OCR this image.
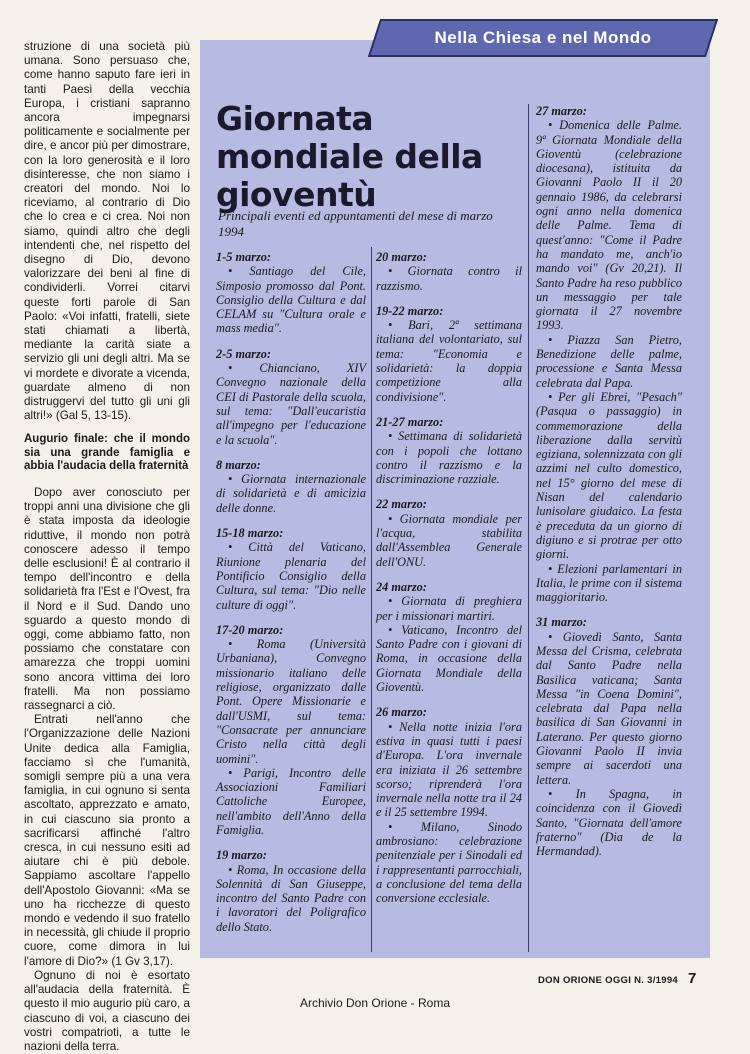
struzione di una società più umana. Sono persuaso che, come hanno saputo fare ieri in tanti Paesi della vecchia Europa, i cristiani sapranno ancora impegnarsi politicamente e socialmente per dire, e ancor più per dimostrare, con la loro generosità e il loro disinteresse, che non siamo i creatori del mondo. Noi lo riceviamo, al contrario di Dio che lo crea e ci crea. Noi non siamo, quindi altro che degli intendenti che, nel rispetto del disegno di Dio, devono valorizzare dei beni al fine di condividerli. Vorrei citarvi queste forti parole di San Paolo: «Voi infatti, fratelli, siete stati chiamati a libertà, mediante la carità siate a servizio gli uni degli altri. Ma se vi mordete e divorate a vicenda, guardate almeno di non distruggervi del tutto gli uni gli altri!» (Gal 5, 13-15).

Augurio finale: che il mondo sia una grande famiglia e abbia l'audacia della fraternità

Dopo aver conosciuto per troppi anni una divisione che gli è stata imposta da ideologie riduttive, il mondo non potrà conoscere adesso il tempo delle esclusioni! È al contrario il tempo dell'incontro e della solidarietà fra l'Est e l'Ovest, fra il Nord e il Sud. Dando uno sguardo a questo mondo di oggi, come abbiamo fatto, non possiamo che constatare con amarezza che troppi uomini sono ancora vittima dei loro fratelli. Ma non possiamo rassegnarci a ciò.

Entrati nell'anno che l'Organizzazione delle Nazioni Unite dedica alla Famiglia, facciamo sì che l'umanità, somigli sempre più a una vera famiglia, in cui ognuno si senta ascoltato, apprezzato e amato, in cui ciascuno sia pronto a sacrificarsi affinché l'altro cresca, in cui nessuno esiti ad aiutare chi è più debole. Sappiamo ascoltare l'appello dell'Apostolo Giovanni: «Ma se uno ha ricchezze di questo mondo e vedendo il suo fratello in necessità, gli chiude il proprio cuore, come dimora in lui l'amore di Dio?» (1 Gv 3,17).

Ognuno di noi è esortato all'audacia della fraternità. È questo il mio augurio più caro, a ciascuno di voi, a ciascuno dei vostri compatrioti, a tutte le nazioni della terra.

Nella Chiesa e nel Mondo
Giornata mondiale della gioventù
Principali eventi ed appuntamenti del mese di marzo 1994
1-5 marzo:
• Santiago del Cile, Simposio promosso dal Pont. Consiglio della Cultura e dal CELAM su "Cultura orale e mass media".
2-5 marzo:
• Chianciano, XIV Convegno nazionale della CEI di Pastorale della scuola, sul tema: "Dall'eucaristia all'impegno per l'educazione e la scuola".
8 marzo:
• Giornata internazionale di solidarietà e di amicizia delle donne.
15-18 marzo:
• Città del Vaticano, Riunione plenaria del Pontificio Consiglio della Cultura, sul tema: "Dio nelle culture di oggi".
17-20 marzo:
• Roma (Università Urbaniana), Convegno missionario italiano delle religiose, organizzato dalle Pont. Opere Missionarie e dall'USMI, sul tema: "Consacrate per annunciare Cristo nella città degli uomini".
• Parigi, Incontro delle Associazioni Familiari Cattoliche Europee, nell'ambito dell'Anno della Famiglia.
19 marzo:
• Roma, In occasione della Solennità di San Giuseppe, incontro del Santo Padre con i lavoratori del Poligrafico dello Stato.
20 marzo:
• Giornata contro il razzismo.
19-22 marzo:
• Bari, 2ª settimana italiana del volontariato, sul tema: "Economia e solidarietà: la doppia competizione alla condivisione".
21-27 marzo:
• Settimana di solidarietà con i popoli che lottano contro il razzismo e la discriminazione razziale.
22 marzo:
• Giornata mondiale per l'acqua, stabilita dall'Assemblea Generale dell'ONU.
24 marzo:
• Giornata di preghiera per i missionari martiri.
• Vaticano, Incontro del Santo Padre con i giovani di Roma, in occasione della Giornata Mondiale della Gioventù.
26 marzo:
• Nella notte inizia l'ora estiva in quasi tutti i paesi d'Europa. L'ora invernale era iniziata il 26 settembre scorso; riprenderà l'ora invernale nella notte tra il 24 e il 25 settembre 1994.
• Milano, Sinodo ambrosiano: celebrazione penitenziale per i Sinodali ed i rappresentanti parrocchiali, a conclusione del tema della conversione ecclesiale.
27 marzo:
• Domenica delle Palme. 9ª Giornata Mondiale della Gioventù (celebrazione diocesana), istituita da Giovanni Paolo II il 20 gennaio 1986, da celebrarsi ogni anno nella domenica delle Palme. Tema di quest'anno: "Come il Padre ha mandato me, anch'io mando voi" (Gv 20,21). Il Santo Padre ha reso pubblico un messaggio per tale giornata il 27 novembre 1993.
• Piazza San Pietro, Benedizione delle palme, processione e Santa Messa celebrata dal Papa.
• Per gli Ebrei, "Pesach" (Pasqua o passaggio) in commemorazione della liberazione dalla servitù egiziana, solennizzata con gli azzimi nel culto domestico, nel 15° giorno del mese di Nisan del calendario lunisolare giudaico. La festa è preceduta da un giorno di digiuno e si protrae per otto giorni.
• Elezioni parlamentari in Italia, le prime con il sistema maggioritario.
31 marzo:
• Giovedì Santo, Santa Messa del Crisma, celebrata dal Santo Padre nella Basilica vaticana; Santa Messa "in Coena Domini", celebrata dal Papa nella basilica di San Giovanni in Laterano. Per questo giorno Giovanni Paolo II invia sempre ai sacerdoti una lettera.
• In Spagna, in coincidenza con il Giovedì Santo, "Giornata dell'amore fraterno" (Dia de la Hermandad).
DON ORIONE OGGI N. 3/1994 7
Archivio Don Orione - Roma
